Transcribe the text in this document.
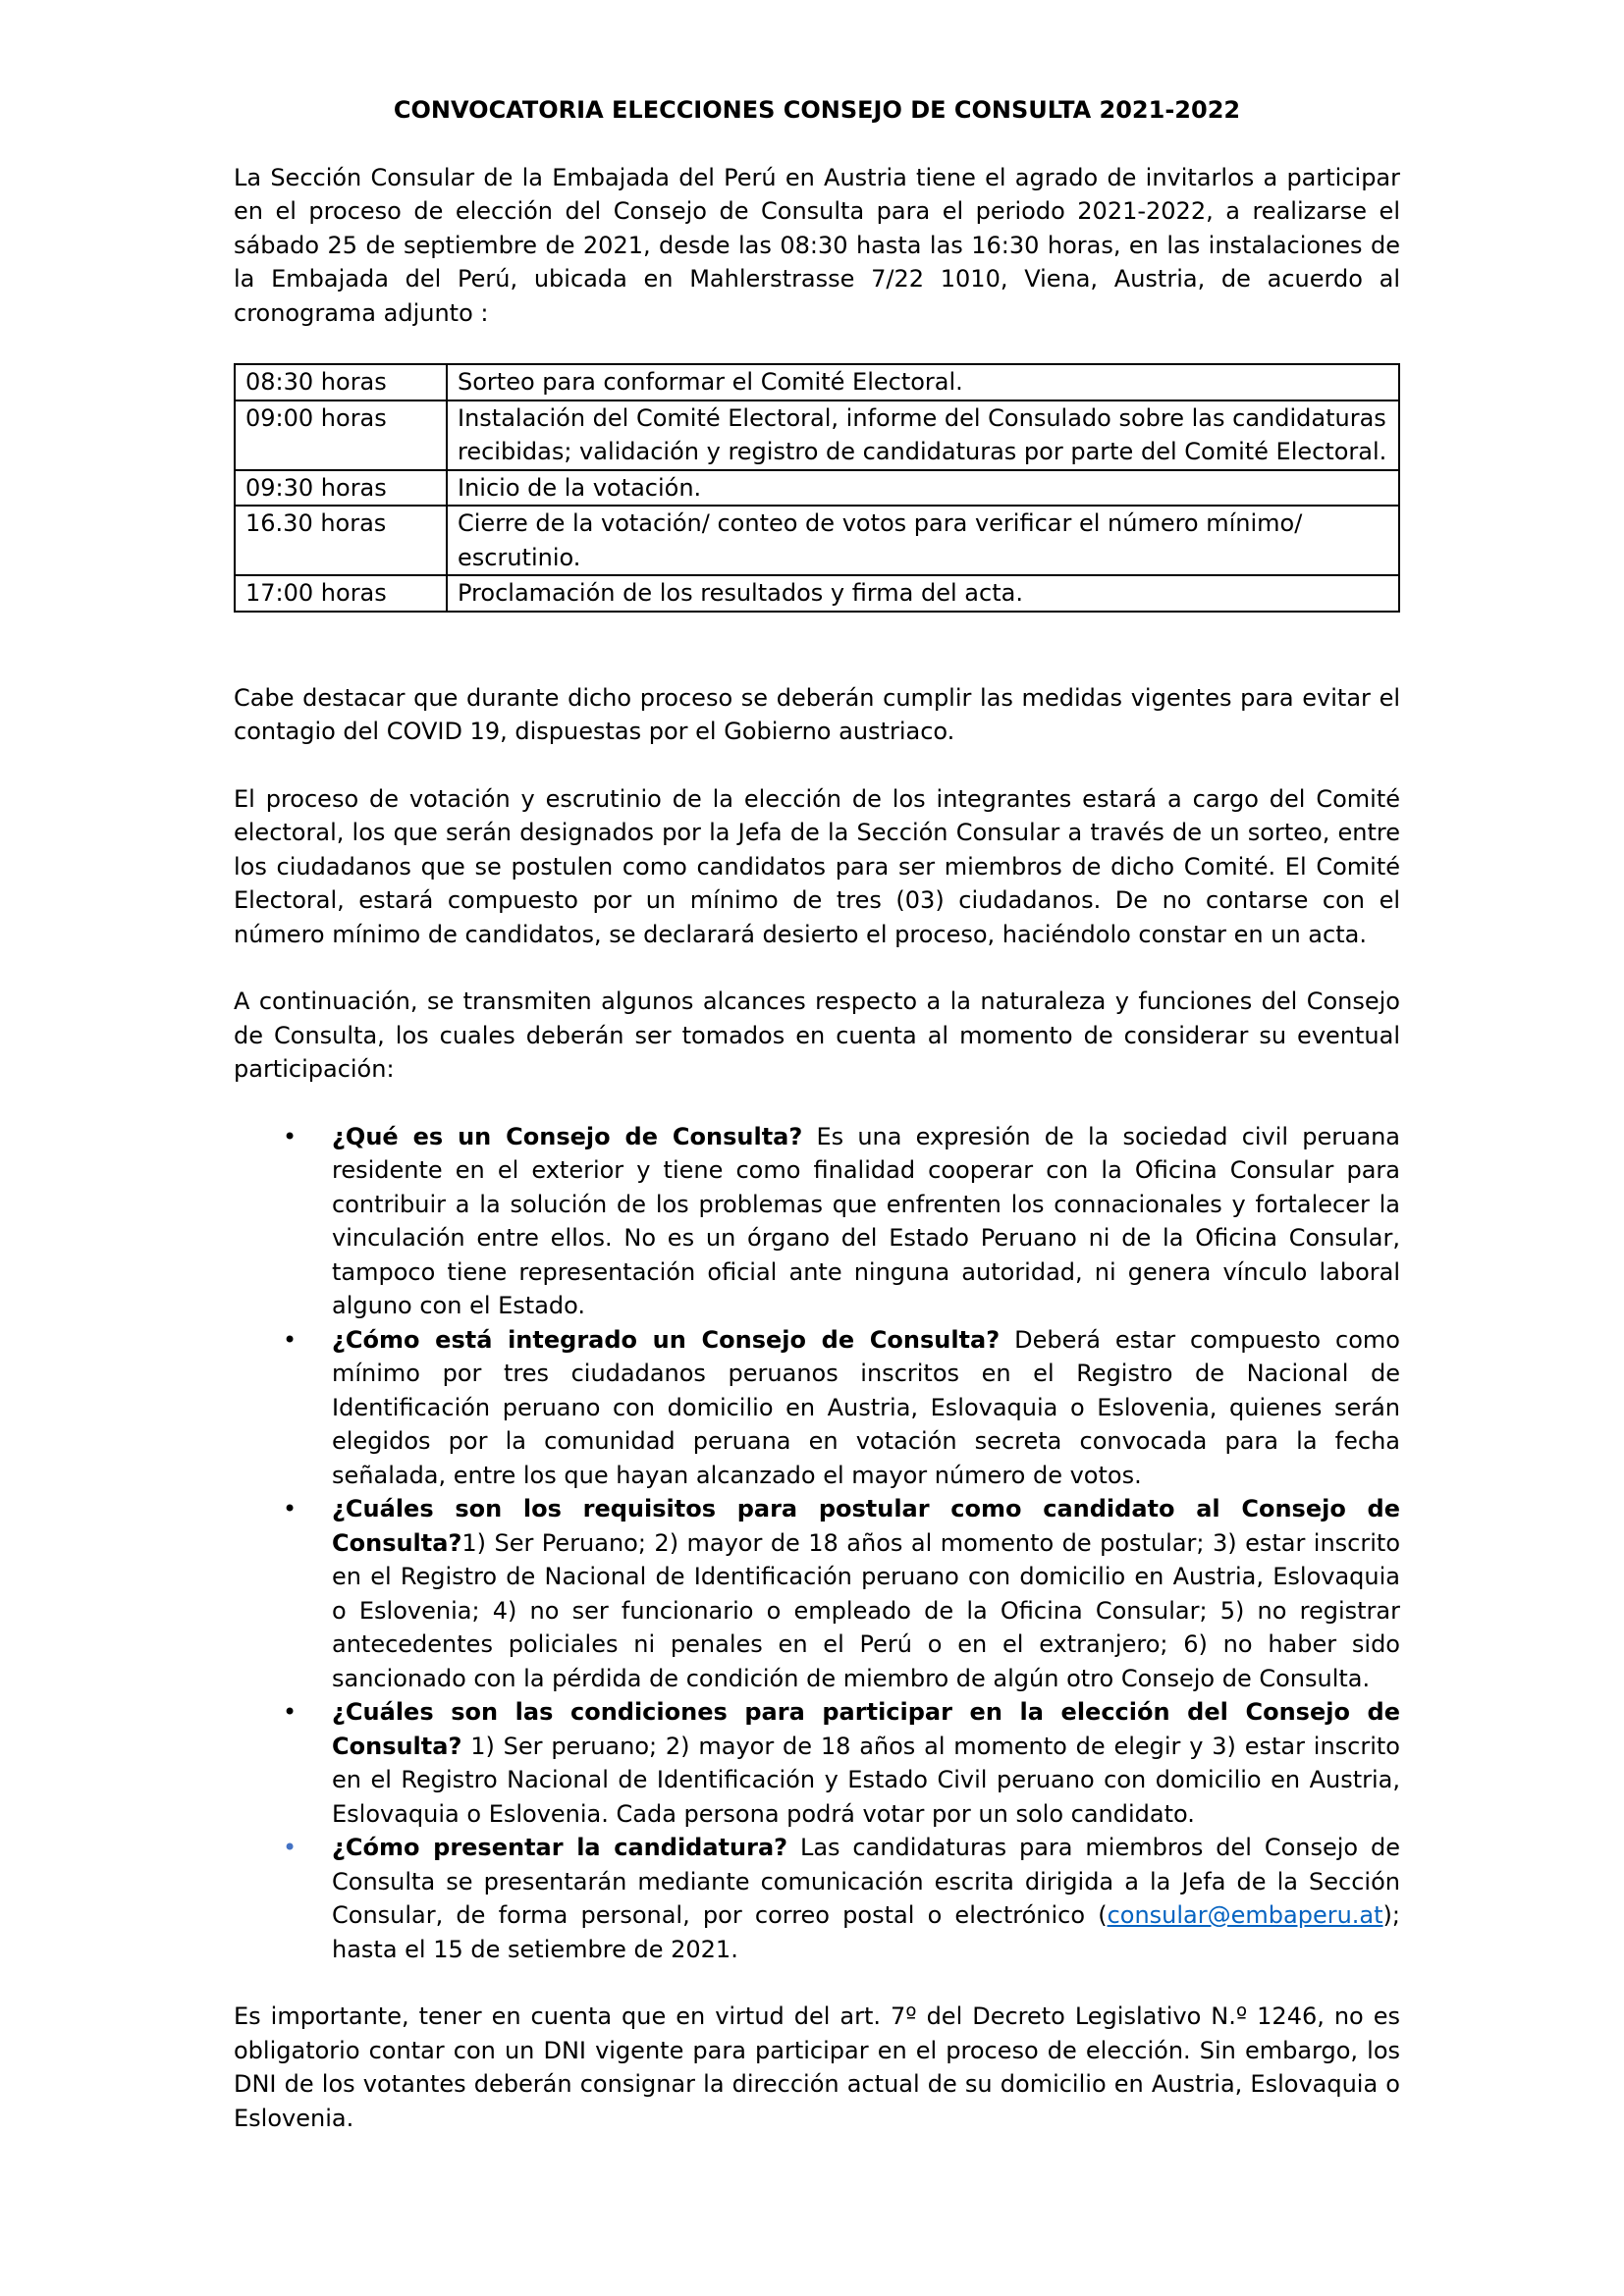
CONVOCATORIA ELECCIONES CONSEJO DE CONSULTA 2021-2022

La Sección Consular de la Embajada del Perú en Austria tiene el agrado de invitarlos a participar en el proceso de elección del Consejo de Consulta para el periodo 2021-2022, a realizarse el sábado 25 de septiembre de 2021, desde las 08:30 hasta las 16:30 horas, en las instalaciones de la Embajada del Perú, ubicada en Mahlerstrasse 7/22 1010, Viena, Austria, de acuerdo al cronograma adjunto :

08:30 horas	Sorteo para conformar el Comité Electoral.
09:00 horas	Instalación del Comité Electoral, informe del Consulado sobre las candidaturas recibidas; validación y registro de candidaturas por parte del Comité Electoral.
09:30 horas	Inicio de la votación.
16.30 horas	Cierre de la votación/ conteo de votos para verificar el número mínimo/ escrutinio.
17:00 horas	Proclamación de los resultados y firma del acta.

Cabe destacar que durante dicho proceso se deberán cumplir las medidas vigentes para evitar el contagio del COVID 19, dispuestas por el Gobierno austriaco.

El proceso de votación y escrutinio de la elección de los integrantes estará a cargo del Comité electoral, los que serán designados por la Jefa de la Sección Consular a través de un sorteo, entre los ciudadanos que se postulen como candidatos para ser miembros de dicho Comité. El Comité Electoral, estará compuesto por un mínimo de tres (03) ciudadanos. De no contarse con el número mínimo de candidatos, se declarará desierto el proceso, haciéndolo constar en un acta.

A continuación, se transmiten algunos alcances respecto a la naturaleza y funciones del Consejo de Consulta, los cuales deberán ser tomados en cuenta al momento de considerar su eventual participación:

• ¿Qué es un Consejo de Consulta? Es una expresión de la sociedad civil peruana residente en el exterior y tiene como finalidad cooperar con la Oficina Consular para contribuir a la solución de los problemas que enfrenten los connacionales y fortalecer la vinculación entre ellos. No es un órgano del Estado Peruano ni de la Oficina Consular, tampoco tiene representación oficial ante ninguna autoridad, ni genera vínculo laboral alguno con el Estado.
• ¿Cómo está integrado un Consejo de Consulta? Deberá estar compuesto como mínimo por tres ciudadanos peruanos inscritos en el Registro de Nacional de Identificación peruano con domicilio en Austria, Eslovaquia o Eslovenia, quienes serán elegidos por la comunidad peruana en votación secreta convocada para la fecha señalada, entre los que hayan alcanzado el mayor número de votos.
• ¿Cuáles son los requisitos para postular como candidato al Consejo de Consulta?1) Ser Peruano; 2) mayor de 18 años al momento de postular; 3) estar inscrito en el Registro de Nacional de Identificación peruano con domicilio en Austria, Eslovaquia o Eslovenia; 4) no ser funcionario o empleado de la Oficina Consular; 5) no registrar antecedentes policiales ni penales en el Perú o en el extranjero; 6) no haber sido sancionado con la pérdida de condición de miembro de algún otro Consejo de Consulta.
• ¿Cuáles son las condiciones para participar en la elección del Consejo de Consulta? 1) Ser peruano; 2) mayor de 18 años al momento de elegir y 3) estar inscrito en el Registro Nacional de Identificación y Estado Civil peruano con domicilio en Austria, Eslovaquia o Eslovenia. Cada persona podrá votar por un solo candidato.
• ¿Cómo presentar la candidatura? Las candidaturas para miembros del Consejo de Consulta se presentarán mediante comunicación escrita dirigida a la Jefa de la Sección Consular, de forma personal, por correo postal o electrónico (consular@embaperu.at); hasta el 15 de setiembre de 2021.

Es importante, tener en cuenta que en virtud del art. 7º del Decreto Legislativo N.º 1246, no es obligatorio contar con un DNI vigente para participar en el proceso de elección. Sin embargo, los DNI de los votantes deberán consignar la dirección actual de su domicilio en Austria, Eslovaquia o Eslovenia.
